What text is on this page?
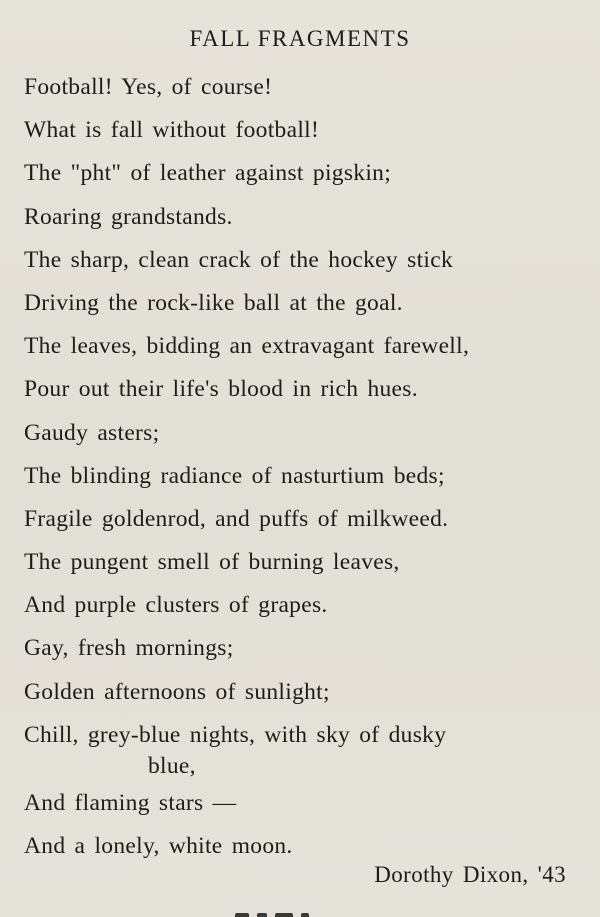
FALL FRAGMENTS
Football! Yes, of course!
What is fall without football!
The "pht" of leather against pigskin;
Roaring grandstands.
The sharp, clean crack of the hockey stick
Driving the rock-like ball at the goal.
The leaves, bidding an extravagant farewell,
Pour out their life's blood in rich hues.
Gaudy asters;
The blinding radiance of nasturtium beds;
Fragile goldenrod, and puffs of milkweed.
The pungent smell of burning leaves,
And purple clusters of grapes.
Gay, fresh mornings;
Golden afternoons of sunlight;
Chill, grey-blue nights, with sky of dusky
blue,
And flaming stars —
And a lonely, white moon.
Dorothy Dixon, '43
